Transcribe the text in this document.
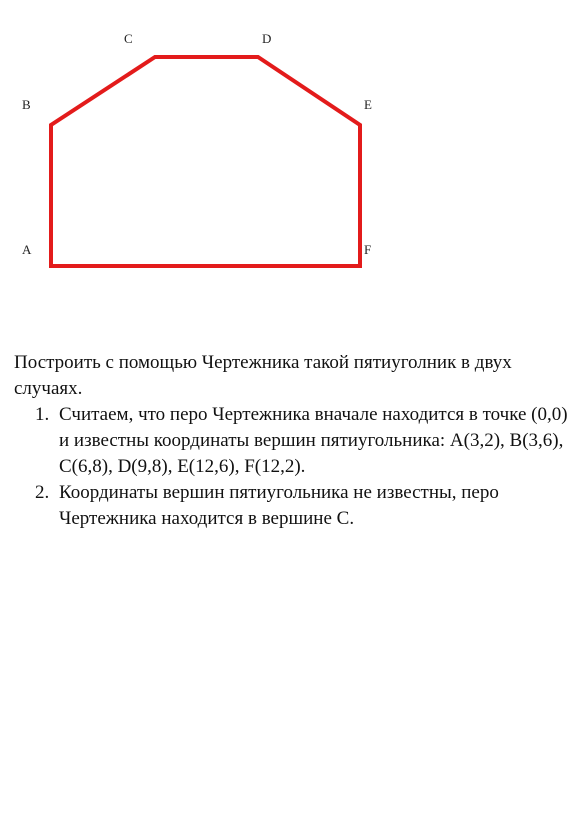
B
C	D
E
A	F

Построить с помощью Чертежника такой пятиуголник в двух случаях.

1. Считаем, что перо Чертежника вначале находится в точке (0,0) и известны координаты вершин пятиугольника: A(3,2), B(3,6), C(6,8), D(9,8), E(12,6), F(12,2).
2. Координаты вершин пятиугольника не известны, перо Чертежника находится в вершине С.
